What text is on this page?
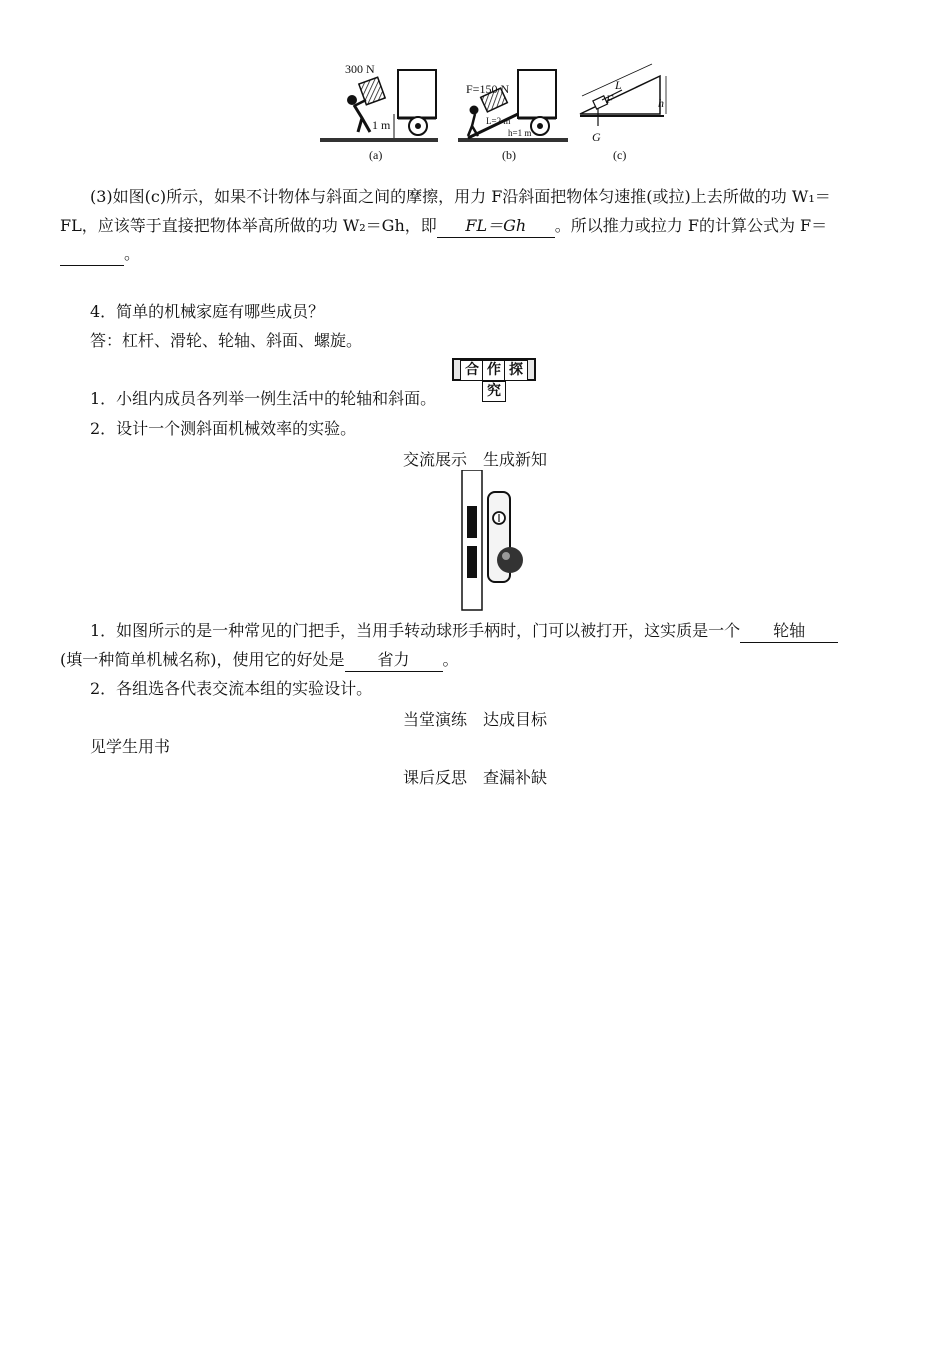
300 N
1 m
F=150 N
L=2 m
h=1 m
L
F	h
G
(a)	(b)	(c)
(3)如图(c)所示，如果不计物体与斜面之间的摩擦，用力 F沿斜面把物体匀速推(或拉)上去所做的功 W₁＝
FL，应该等于直接把物体举高所做的功 W₂＝Gh，即 FL＝Gh 。所以推力或拉力 F的计算公式为 F＝
。
4．简单的机械家庭有哪些成员？
答：杠杆、滑轮、轮轴、斜面、螺旋。
合 作 探究
1．小组内成员各列举一例生活中的轮轴和斜面。
2．设计一个测斜面机械效率的实验。
交流展示　生成新知
1．如图所示的是一种常见的门把手，当用手转动球形手柄时，门可以被打开，这实质是一个 轮轴
(填一种简单机械名称)，使用它的好处是 省力 。
2．各组选各代表交流本组的实验设计。
当堂演练　达成目标
见学生用书
课后反思　查漏补缺
